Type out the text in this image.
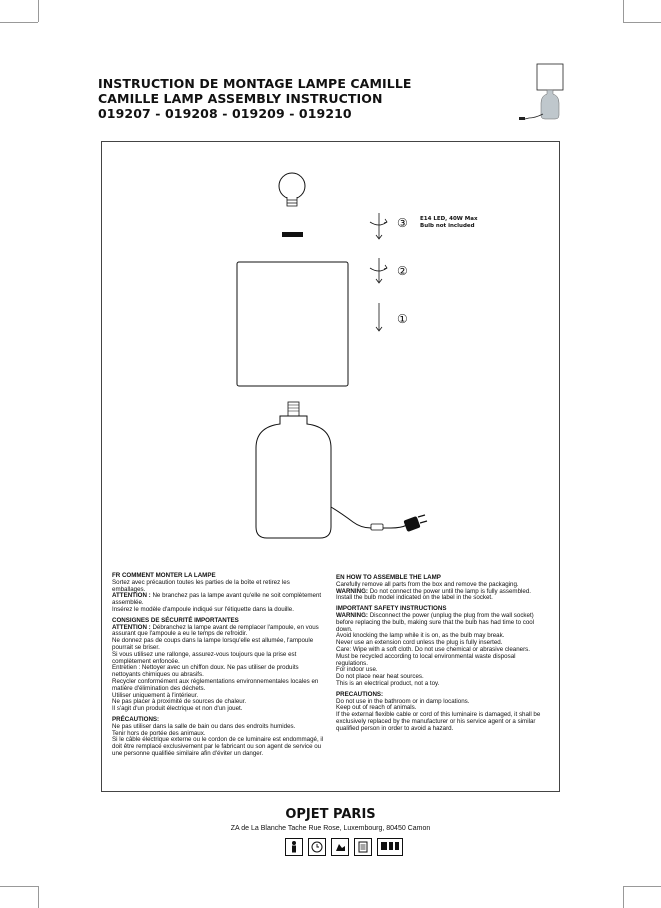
INSTRUCTION DE MONTAGE LAMPE CAMILLE
CAMILLE LAMP ASSEMBLY INSTRUCTION
019207 - 019208 - 019209 - 019210
③
②
①
E14 LED, 40W Max
Bulb not included
FR COMMENT MONTER LA LAMPE
Sortez avec précaution toutes les parties de la boîte et retirez les emballages.
ATTENTION : Ne branchez pas la lampe avant qu'elle ne soit complètement assemblée.
Insérez le modèle d'ampoule indiqué sur l'étiquette dans la douille.
CONSIGNES DE SÉCURITÉ IMPORTANTES
ATTENTION : Débranchez la lampe avant de remplacer l'ampoule, en vous assurant que l'ampoule a eu le temps de refroidir.
Ne donnez pas de coups dans la lampe lorsqu'elle est allumée, l'ampoule pourrait se briser.
Si vous utilisez une rallonge, assurez-vous toujours que la prise est complètement enfoncée.
Entretien : Nettoyer avec un chiffon doux. Ne pas utiliser de produits nettoyants chimiques ou abrasifs.
Recycler conformément aux réglementations environnementales locales en matière d'élimination des déchets.
Utiliser uniquement à l'intérieur.
Ne pas placer à proximité de sources de chaleur.
Il s'agit d'un produit électrique et non d'un jouet.
PRÉCAUTIONS:
Ne pas utiliser dans la salle de bain ou dans des endroits humides.
Tenir hors de portée des animaux.
Si le câble électrique externe ou le cordon de ce luminaire est endommagé, il doit être remplacé exclusivement par le fabricant ou son agent de service ou une personne qualifiée similaire afin d'éviter un danger.
EN HOW TO ASSEMBLE THE LAMP
Carefully remove all parts from the box and remove the packaging.
WARNING: Do not connect the power until the lamp is fully assembled.
Install the bulb model indicated on the label in the socket.
IMPORTANT SAFETY INSTRUCTIONS
WARNING: Disconnect the power (unplug the plug from the wall socket) before replacing the bulb, making sure that the bulb has had time to cool down.
Avoid knocking the lamp while it is on, as the bulb may break.
Never use an extension cord unless the plug is fully inserted.
Care: Wipe with a soft cloth. Do not use chemical or abrasive cleaners.
Must be recycled according to local environmental waste disposal regulations.
For indoor use.
Do not place near heat sources.
This is an electrical product, not a toy.
PRECAUTIONS:
Do not use in the bathroom or in damp locations.
Keep out of reach of animals.
If the external flexible cable or cord of this luminaire is damaged, it shall be exclusively replaced by the manufacturer or his service agent or a similar qualified person in order to avoid a hazard.
OPJET PARIS
ZA de La Blanche Tache Rue Rose, Luxembourg, 80450 Camon
